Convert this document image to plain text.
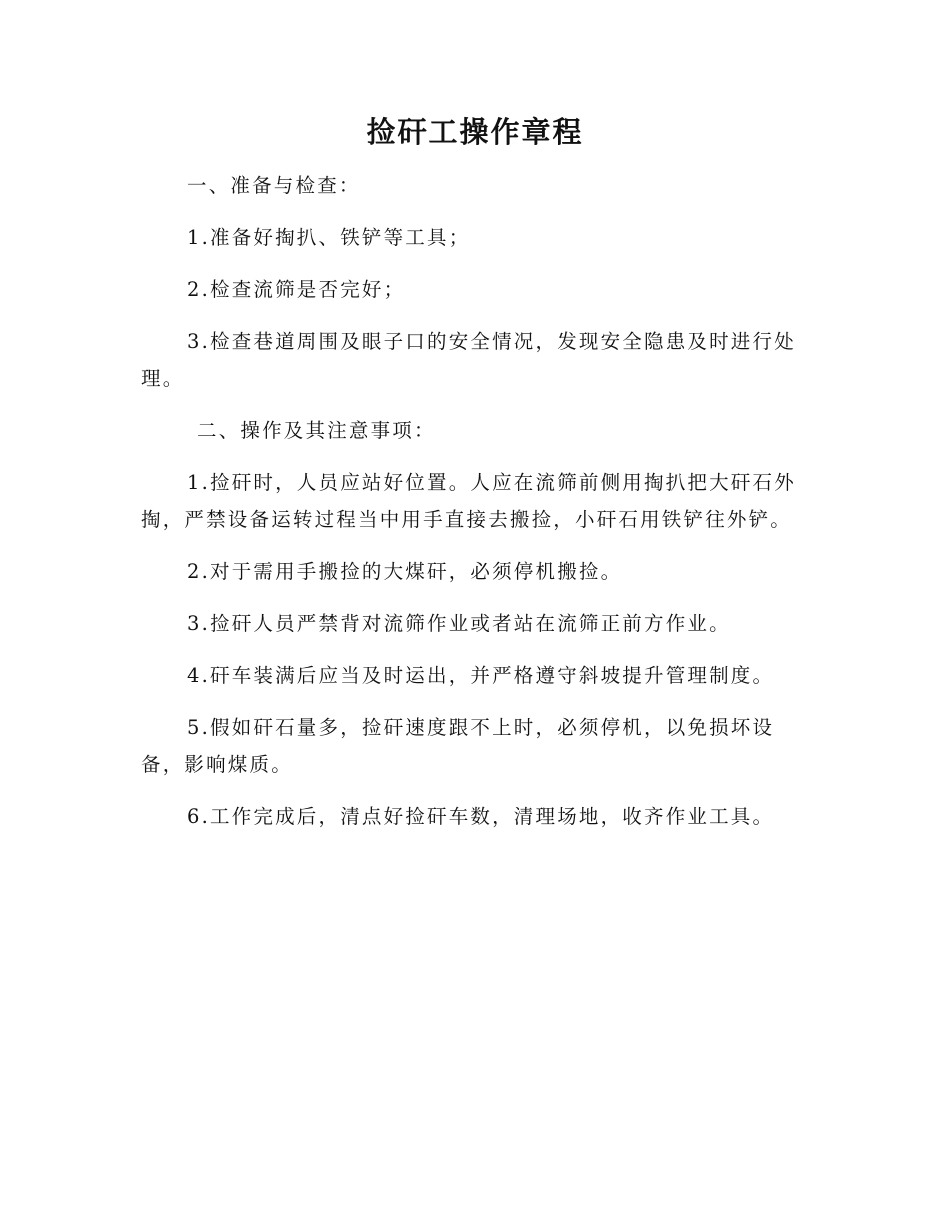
捡矸工操作章程

一、准备与检查：

1.准备好掏扒、铁铲等工具；

2.检查流筛是否完好；

3.检查巷道周围及眼子口的安全情况，发现安全隐患及时进行处理。

二、操作及其注意事项：

1.捡矸时，人员应站好位置。人应在流筛前侧用掏扒把大矸石外掏，严禁设备运转过程当中用手直接去搬捡，小矸石用铁铲往外铲。

2.对于需用手搬捡的大煤矸，必须停机搬捡。

3.捡矸人员严禁背对流筛作业或者站在流筛正前方作业。

4.矸车装满后应当及时运出，并严格遵守斜坡提升管理制度。

5.假如矸石量多，捡矸速度跟不上时，必须停机，以免损坏设备，影响煤质。

6.工作完成后，清点好捡矸车数，清理场地，收齐作业工具。
